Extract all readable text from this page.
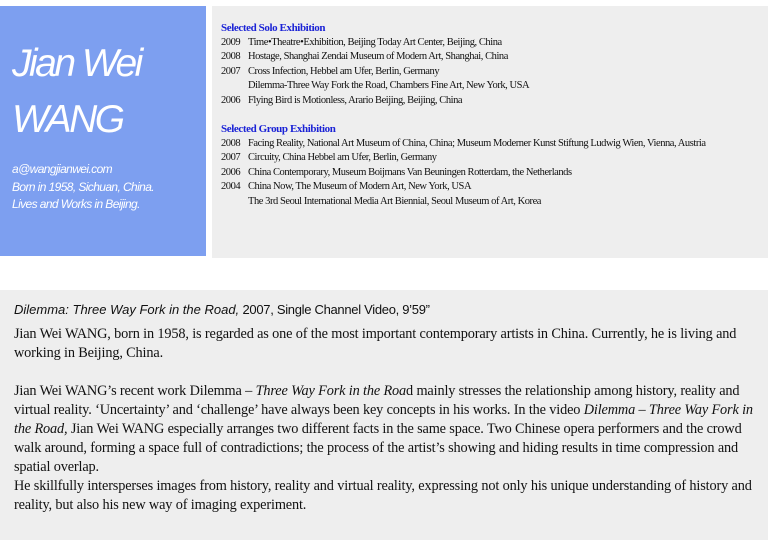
Jian Wei
WANG
a@wangjianwei.com
Born in 1958, Sichuan, China.
Lives and Works in Beijing.
Selected Solo Exhibition
2009 Time•Theatre•Exhibition, Beijing Today Art Center, Beijing, China
2008 Hostage, Shanghai Zendai Museum of Modern Art, Shanghai, China
2007 Cross Infection, Hebbel am Ufer, Berlin, Germany
Dilemma-Three Way Fork the Road, Chambers Fine Art, New York, USA
2006 Flying Bird is Motionless, Arario Beijing, Beijing, China
Selected Group Exhibition
2008 Facing Reality, National Art Museum of China, China; Museum Moderner Kunst Stiftung Ludwig Wien, Vienna, Austria
2007 Circuity, China Hebbel am Ufer, Berlin, Germany
2006 China Contemporary, Museum Boijmans Van Beuningen Rotterdam, the Netherlands
2004 China Now, The Museum of Modern Art, New York, USA
The 3rd Seoul International Media Art Biennial, Seoul Museum of Art, Korea
Dilemma: Three Way Fork in the Road, 2007, Single Channel Video, 9’59”

Jian Wei WANG, born in 1958, is regarded as one of the most important contemporary artists in China. Currently, he is living and working in Beijing, China.

Jian Wei WANG’s recent work Dilemma – Three Way Fork in the Road mainly stresses the relationship among history, reality and virtual reality. ‘Uncertainty’ and ‘challenge’ have always been key concepts in his works. In the video Dilemma – Three Way Fork in the Road, Jian Wei WANG especially arranges two different facts in the same space. Two Chinese opera performers and the crowd walk around, forming a space full of contradictions; the process of the artist’s showing and hiding results in time compression and spatial overlap.

He skillfully intersperses images from history, reality and virtual reality, expressing not only his unique understanding of history and reality, but also his new way of imaging experiment.
